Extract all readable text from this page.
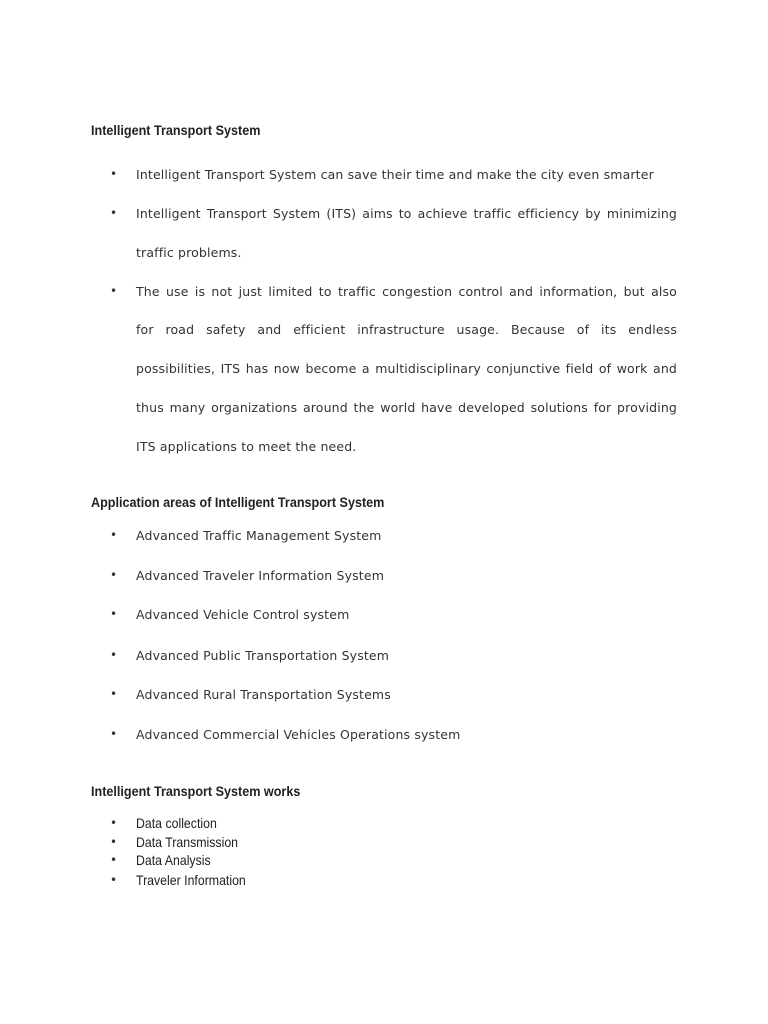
Intelligent Transport System
• Intelligent Transport System can save their time and make the city even smarter
• Intelligent Transport System (ITS) aims to achieve traffic efficiency by minimizing
traffic problems.
• The use is not just limited to traffic congestion control and information, but also
for road safety and efficient infrastructure usage. Because of its endless
possibilities, ITS has now become a multidisciplinary conjunctive field of work and
thus many organizations around the world have developed solutions for providing
ITS applications to meet the need.
Application areas of Intelligent Transport System
• Advanced Traffic Management System
• Advanced Traveler Information System
• Advanced Vehicle Control system
• Advanced Public Transportation System
• Advanced Rural Transportation Systems
• Advanced Commercial Vehicles Operations system
Intelligent Transport System works
• Data collection
• Data Transmission
• Data Analysis
• Traveler Information
